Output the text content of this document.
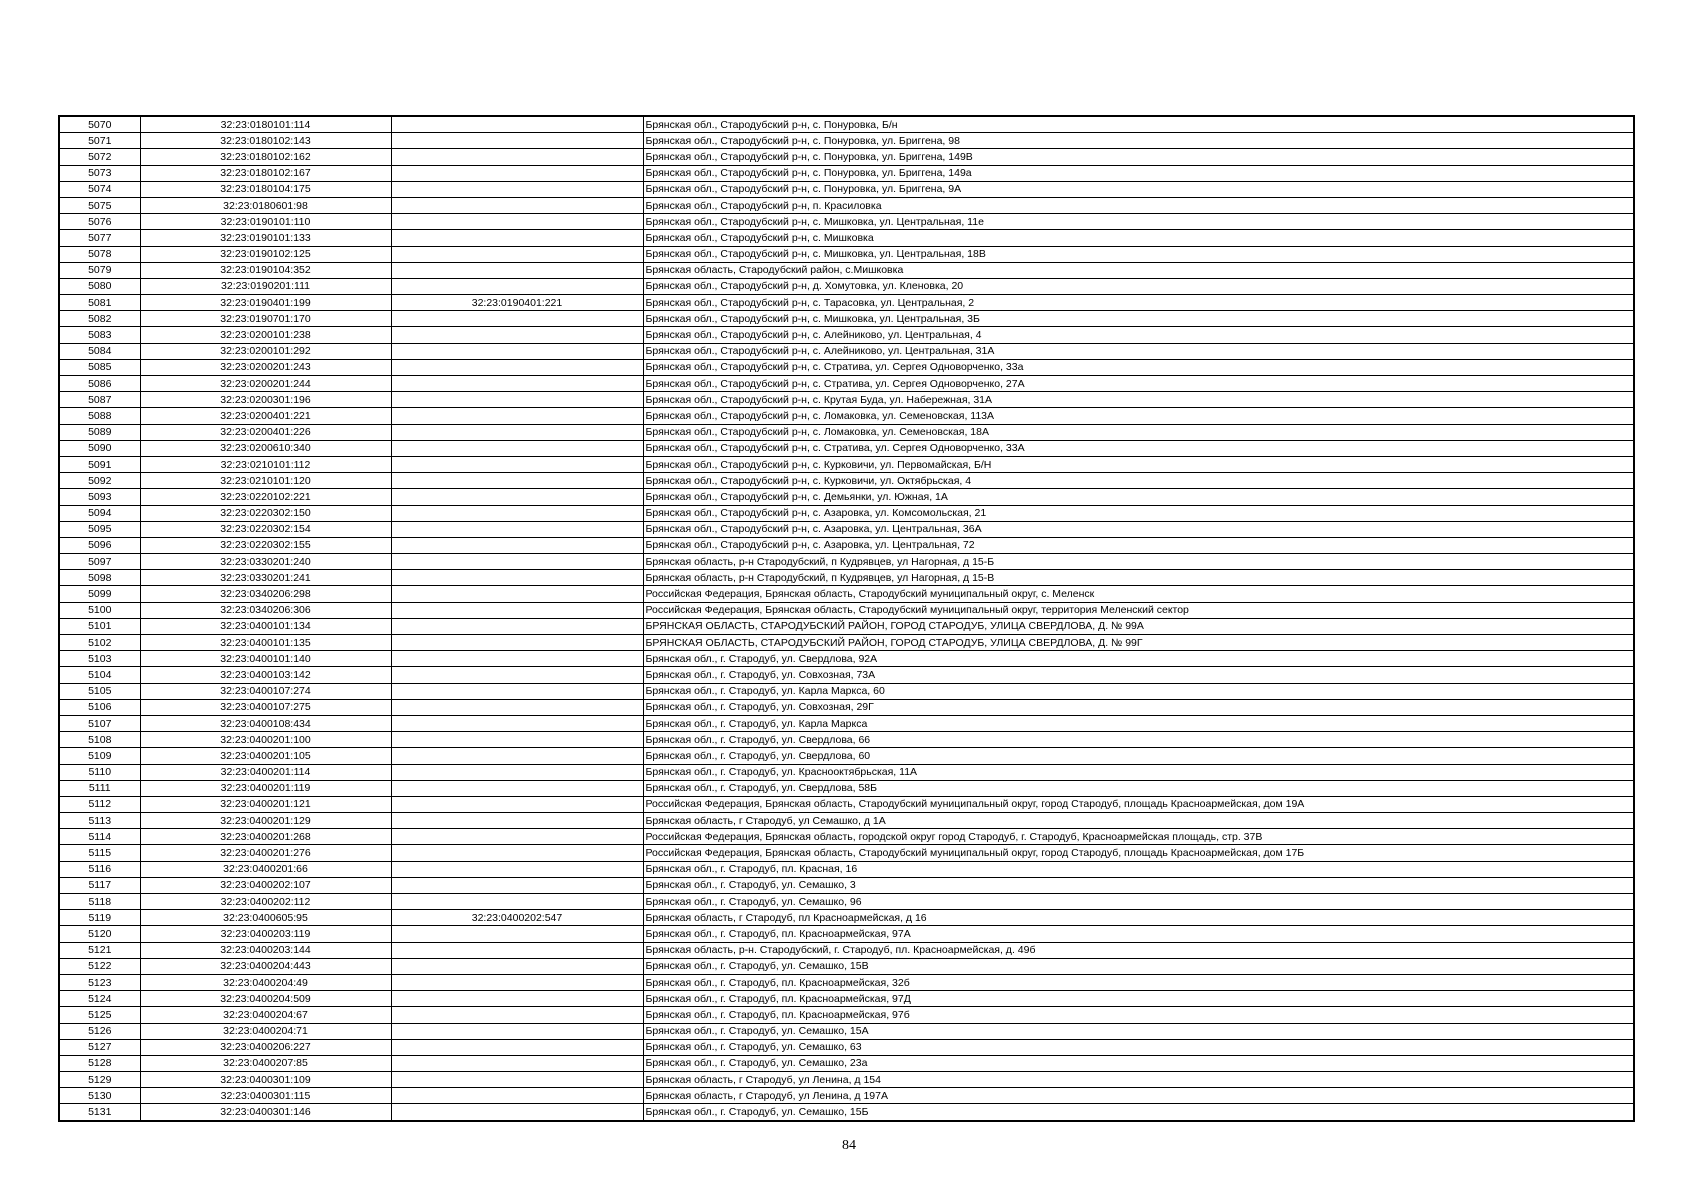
5070	32:23:0180101:114		Брянская обл., Стародубский р-н, с. Понуровка, Б/н
5071	32:23:0180102:143		Брянская обл., Стародубский р-н, с. Понуровка, ул. Бриггена, 98
5072	32:23:0180102:162		Брянская обл., Стародубский р-н, с. Понуровка, ул. Бриггена, 149В
5073	32:23:0180102:167		Брянская обл., Стародубский р-н, с. Понуровка, ул. Бриггена, 149а
5074	32:23:0180104:175		Брянская обл., Стародубский р-н, с. Понуровка, ул. Бриггена, 9А
5075	32:23:0180601:98		Брянская обл., Стародубский р-н, п. Красиловка
5076	32:23:0190101:110		Брянская обл., Стародубский р-н, с. Мишковка, ул. Центральная, 11е
5077	32:23:0190101:133		Брянская обл., Стародубский р-н, с. Мишковка
5078	32:23:0190102:125		Брянская обл., Стародубский р-н, с. Мишковка, ул. Центральная, 18В
5079	32:23:0190104:352		Брянская область, Стародубский район, с.Мишковка
5080	32:23:0190201:111		Брянская обл., Стародубский р-н, д. Хомутовка, ул. Кленовка, 20
5081	32:23:0190401:199	32:23:0190401:221	Брянская обл., Стародубский р-н, с. Тарасовка, ул. Центральная, 2
5082	32:23:0190701:170		Брянская обл., Стародубский р-н, с. Мишковка, ул. Центральная, 3Б
5083	32:23:0200101:238		Брянская обл., Стародубский р-н, с. Алейниково, ул. Центральная, 4
5084	32:23:0200101:292		Брянская обл., Стародубский р-н, с. Алейниково, ул. Центральная, 31А
5085	32:23:0200201:243		Брянская обл., Стародубский р-н, с. Стратива, ул. Сергея Одноворченко, 33а
5086	32:23:0200201:244		Брянская обл., Стародубский р-н, с. Стратива, ул. Сергея Одноворченко, 27А
5087	32:23:0200301:196		Брянская обл., Стародубский р-н, с. Крутая Буда, ул. Набережная, 31А
5088	32:23:0200401:221		Брянская обл., Стародубский р-н, с. Ломаковка, ул. Семеновская, 113А
5089	32:23:0200401:226		Брянская обл., Стародубский р-н, с. Ломаковка, ул. Семеновская, 18А
5090	32:23:0200610:340		Брянская обл., Стародубский р-н, с. Стратива, ул. Сергея Одноворченко, 33А
5091	32:23:0210101:112		Брянская обл., Стародубский р-н, с. Курковичи, ул. Первомайская, Б/Н
5092	32:23:0210101:120		Брянская обл., Стародубский р-н, с. Курковичи, ул. Октябрьская, 4
5093	32:23:0220102:221		Брянская обл., Стародубский р-н, с. Демьянки, ул. Южная, 1А
5094	32:23:0220302:150		Брянская обл., Стародубский р-н, с. Азаровка, ул. Комсомольская, 21
5095	32:23:0220302:154		Брянская обл., Стародубский р-н, с. Азаровка, ул. Центральная, 36А
5096	32:23:0220302:155		Брянская обл., Стародубский р-н, с. Азаровка, ул. Центральная, 72
5097	32:23:0330201:240		Брянская область, р-н Стародубский, п Кудрявцев, ул Нагорная, д 15-Б
5098	32:23:0330201:241		Брянская область, р-н Стародубский, п Кудрявцев, ул Нагорная, д 15-В
5099	32:23:0340206:298		Российская Федерация, Брянская область, Стародубский муниципальный округ, с. Меленск
5100	32:23:0340206:306		Российская Федерация, Брянская область, Стародубский муниципальный округ, территория Меленский сектор
5101	32:23:0400101:134		БРЯНСКАЯ ОБЛАСТЬ, СТАРОДУБСКИЙ РАЙОН, ГОРОД СТАРОДУБ, УЛИЦА СВЕРДЛОВА, Д. № 99А
5102	32:23:0400101:135		БРЯНСКАЯ ОБЛАСТЬ, СТАРОДУБСКИЙ РАЙОН, ГОРОД СТАРОДУБ, УЛИЦА СВЕРДЛОВА, Д. № 99Г
5103	32:23:0400101:140		Брянская обл., г. Стародуб, ул. Свердлова, 92А
5104	32:23:0400103:142		Брянская обл., г. Стародуб, ул. Совхозная, 73А
5105	32:23:0400107:274		Брянская обл., г. Стародуб, ул. Карла Маркса, 60
5106	32:23:0400107:275		Брянская обл., г. Стародуб, ул. Совхозная, 29Г
5107	32:23:0400108:434		Брянская обл., г. Стародуб, ул. Карла Маркса
5108	32:23:0400201:100		Брянская обл., г. Стародуб, ул. Свердлова, 66
5109	32:23:0400201:105		Брянская обл., г. Стародуб, ул. Свердлова, 60
5110	32:23:0400201:114		Брянская обл., г. Стародуб, ул. Краснооктябрьская, 11А
5111	32:23:0400201:119		Брянская обл., г. Стародуб, ул. Свердлова, 58Б
5112	32:23:0400201:121		Российская Федерация, Брянская область, Стародубский муниципальный округ, город Стародуб, площадь Красноармейская, дом 19А
5113	32:23:0400201:129		Брянская область, г Стародуб, ул Семашко, д 1А
5114	32:23:0400201:268		Российская Федерация, Брянская область, городской округ город Стародуб, г. Стародуб, Красноармейская площадь, стр. 37В
5115	32:23:0400201:276		Российская Федерация, Брянская область, Стародубский муниципальный округ, город Стародуб, площадь Красноармейская, дом 17Б
5116	32:23:0400201:66		Брянская обл., г. Стародуб, пл. Красная, 16
5117	32:23:0400202:107		Брянская обл., г. Стародуб, ул. Семашко, 3
5118	32:23:0400202:112		Брянская обл., г. Стародуб, ул. Семашко, 96
5119	32:23:0400605:95	32:23:0400202:547	Брянская область, г Стародуб, пл Красноармейская, д 16
5120	32:23:0400203:119		Брянская обл., г. Стародуб, пл. Красноармейская, 97А
5121	32:23:0400203:144		Брянская область, р-н. Стародубский, г. Стародуб, пл. Красноармейская, д. 49б
5122	32:23:0400204:443		Брянская обл., г. Стародуб, ул. Семашко, 15В
5123	32:23:0400204:49		Брянская обл., г. Стародуб, пл. Красноармейская, 32б
5124	32:23:0400204:509		Брянская обл., г. Стародуб, пл. Красноармейская, 97Д
5125	32:23:0400204:67		Брянская обл., г. Стародуб, пл. Красноармейская, 97б
5126	32:23:0400204:71		Брянская обл., г. Стародуб, ул. Семашко, 15А
5127	32:23:0400206:227		Брянская обл., г. Стародуб, ул. Семашко, 63
5128	32:23:0400207:85		Брянская обл., г. Стародуб, ул. Семашко, 23а
5129	32:23:0400301:109		Брянская область, г Стародуб, ул Ленина, д 154
5130	32:23:0400301:115		Брянская область, г Стародуб, ул Ленина, д 197А
5131	32:23:0400301:146		Брянская обл., г. Стародуб, ул. Семашко, 15Б
84
